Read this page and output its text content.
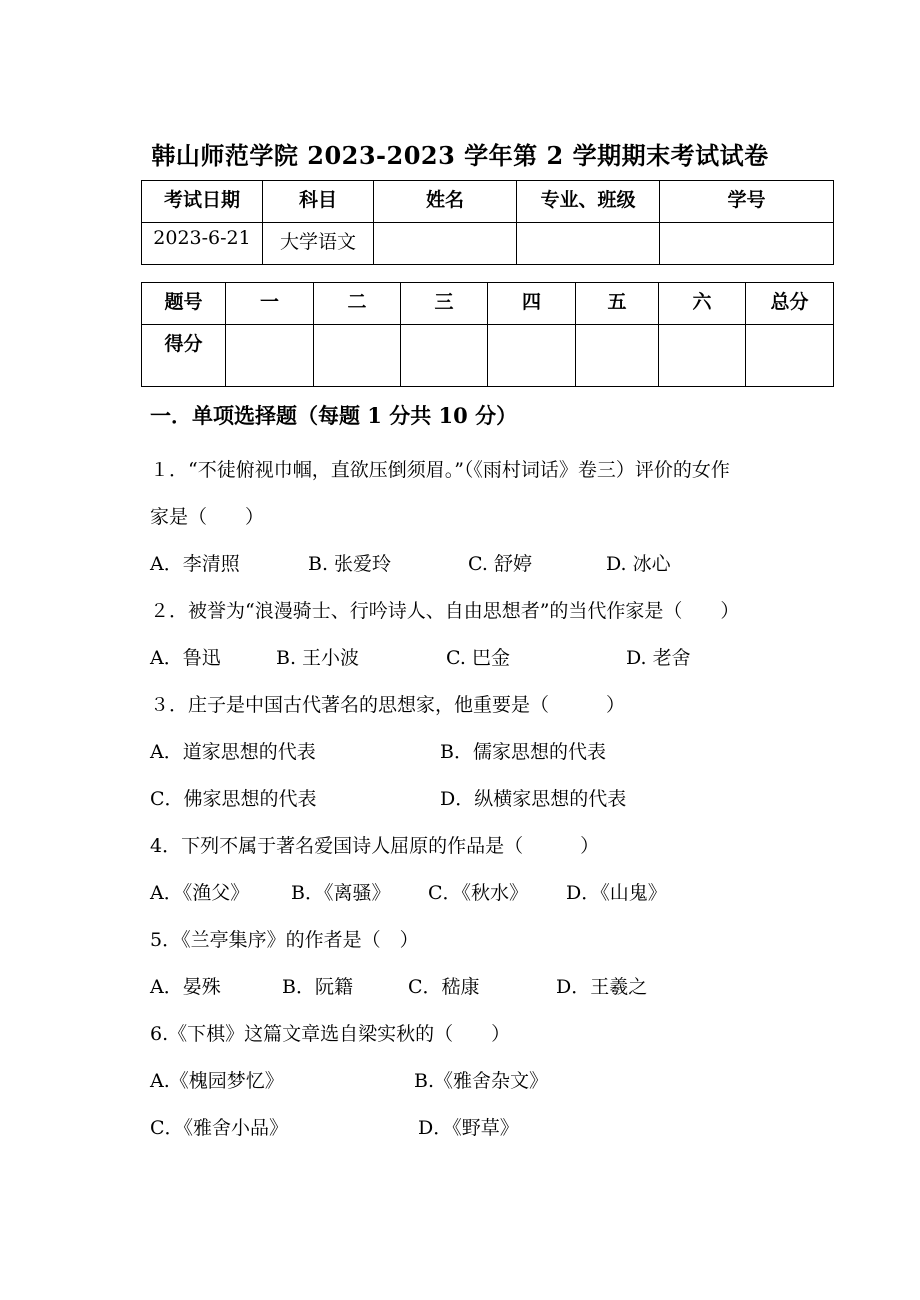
韩山师范学院 2023-2023 学年第 2 学期期末考试试卷
考试日期	科目	姓名	专业、班级	学号
2023-6-21	大学语文			
题号	一	二	三	四	五	六	总分
得分							
一．单项选择题（每题 1 分共 10 分）
１．“不徒俯视巾帼，直欲压倒须眉。”（《雨村词话》卷三）评价的女作
家是（　　）
A．李清照	B. 张爱玲	C. 舒婷	D. 冰心
２．被誉为“浪漫骑士、行吟诗人、自由思想者”的当代作家是（　　）
A．鲁迅	B. 王小波	C. 巴金	D. 老舍
３．庄子是中国古代著名的思想家，他重要是（　　　）
A．道家思想的代表	B．儒家思想的代表
C．佛家思想的代表	D．纵横家思想的代表
4．下列不属于著名爱国诗人屈原的作品是（　　　）
A．《渔父》 B．《离骚》 C．《秋水》 D．《山鬼》
5．《兰亭集序》的作者是（　）
A．晏殊	B．阮籍	C．嵇康	D．王羲之
6.《下棋》这篇文章选自梁实秋的（　　）
A.《槐园梦忆》	B.《雅舍杂文》
C．《雅舍小品》	D．《野草》
